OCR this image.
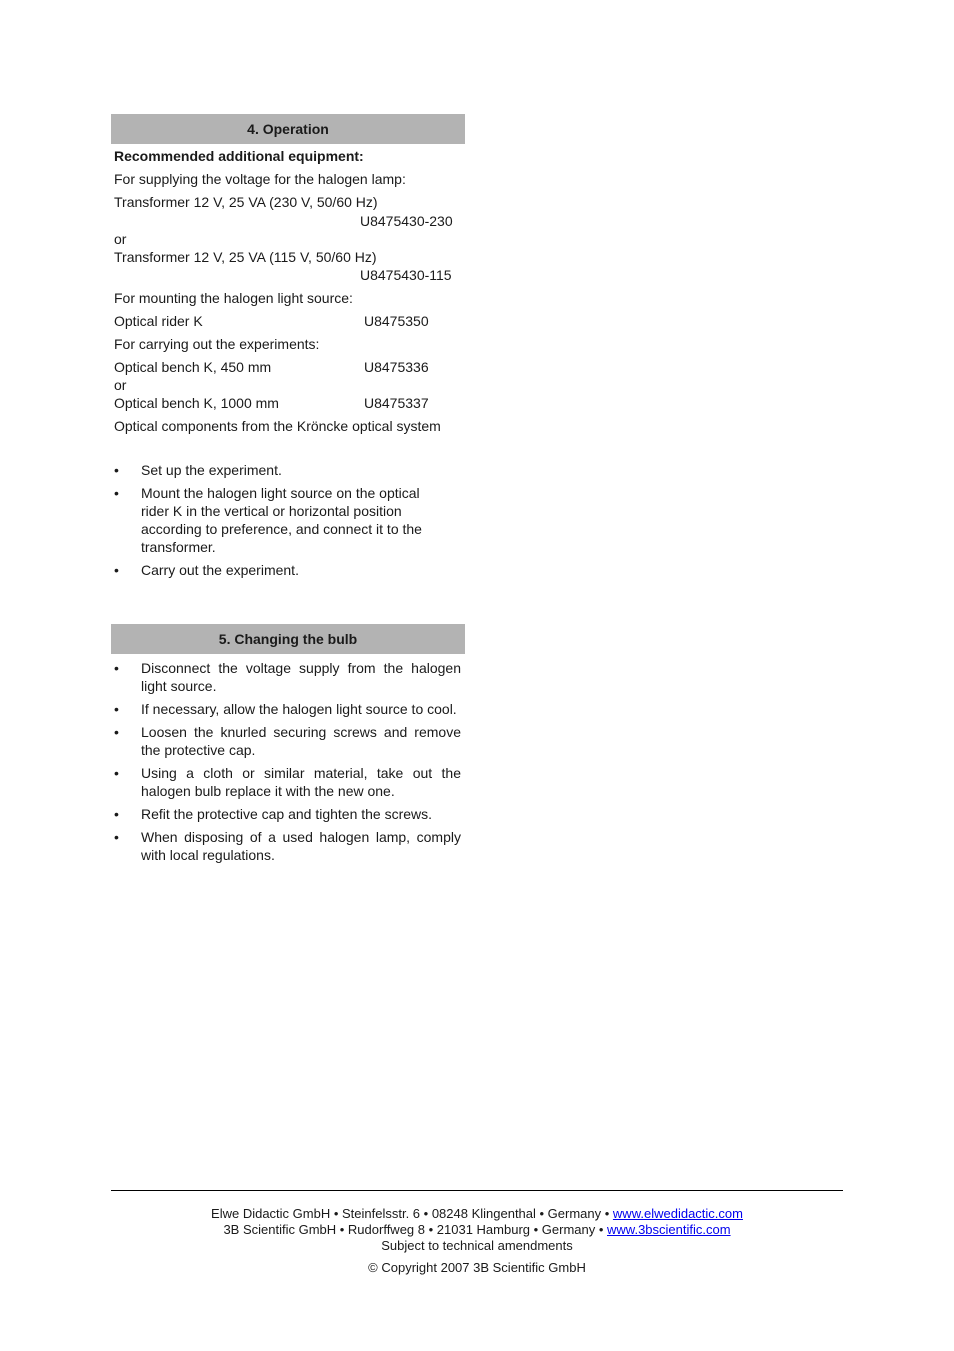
4. Operation
Recommended additional equipment:
For supplying the voltage for the halogen lamp:
Transformer 12 V, 25 VA (230 V, 50/60 Hz)
U8475430-230
or
Transformer 12 V, 25 VA (115 V, 50/60 Hz)
U8475430-115
For mounting the halogen light source:
Optical rider K	U8475350
For carrying out the experiments:
Optical bench K, 450 mm	U8475336
or
Optical bench K, 1000 mm	U8475337
Optical components from the Kröncke optical system
• Set up the experiment.
• Mount the halogen light source on the optical rider K in the vertical or horizontal position according to preference, and connect it to the transformer.
• Carry out the experiment.
5. Changing the bulb
• Disconnect the voltage supply from the halogen light source.
• If necessary, allow the halogen light source to cool.
• Loosen the knurled securing screws and remove the protective cap.
• Using a cloth or similar material, take out the halogen bulb replace it with the new one.
• Refit the protective cap and tighten the screws.
• When disposing of a used halogen lamp, comply with local regulations.
Elwe Didactic GmbH • Steinfelsstr. 6 • 08248 Klingenthal • Germany • www.elwedidactic.com
3B Scientific GmbH • Rudorffweg 8 • 21031 Hamburg • Germany • www.3bscientific.com
Subject to technical amendments
© Copyright 2007 3B Scientific GmbH
